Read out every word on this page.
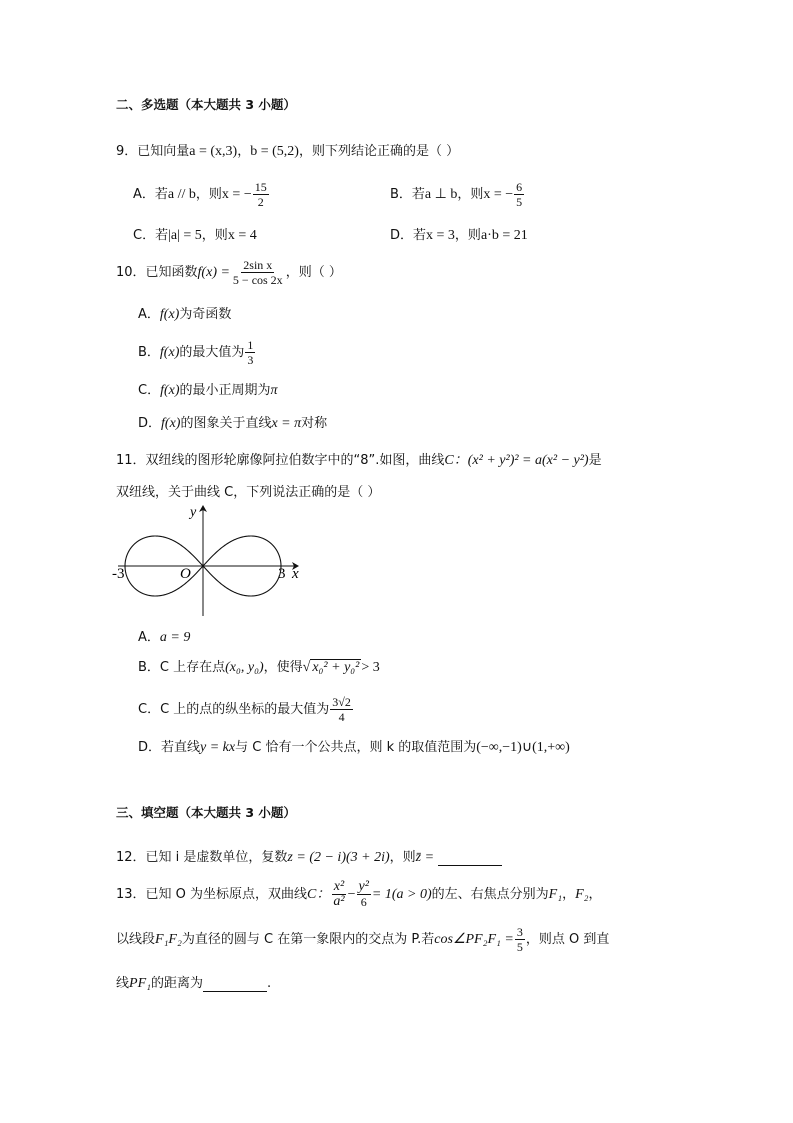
二、多选题（本大题共 3 小题）
9．已知向量a = (x,3)，b = (5,2)，则下列结论正确的是（ ）
A．若a // b，则x = − $\frac{15}{2}$	B．若a ⊥ b，则x = − $\frac{6}{5}$
C．若|a| = 5，则x = 4	D．若x = 3，则a·b = 21
10．已知函数$f(x) = \frac{\text{2sin x}}{5 - \cos 2x}$ ，则（ ）
A．f(x)为奇函数
B．f(x)的最大值为 $\frac{1}{3}$
C．f(x)的最小正周期为π
D．f(x)的图象关于直线x = π对称
11．双纽线的图形轮廓像阿拉伯数字中的“8”.如图，曲线C：(x² + y²)² = a(x² − y²)是
双纽线，关于曲线 C，下列说法正确的是（ ）
y
x
O
-3	3
A．a = 9
B．C 上存在点(x₀, y₀)，使得√ x₀² + y₀² > 3
C．C 上的点的纵坐标的最大值为 $\frac{3√2}{4}$
D．若直线y = kx与 C 恰有一个公共点，则 k 的取值范围为(−∞,−1)∪(1,+∞)
三、填空题（本大题共 3 小题）
12．已知 i 是虚数单位，复数z = (2 − i)(3 + 2i)，则z̄ =
13．已知 O 为坐标原点，双曲线C： $\frac{\text{x²}}{\text{a²}} - \frac{\text{y²}}{6} = 1(a > 0)$的左、右焦点分别为F₁，F₂，
以线段F₁F₂为直径的圆与 C 在第一象限内的交点为 P.若cos∠PF₂F₁ = $\frac{3}{5}$ ，则点 O 到直
线PF₁的距离为	.
